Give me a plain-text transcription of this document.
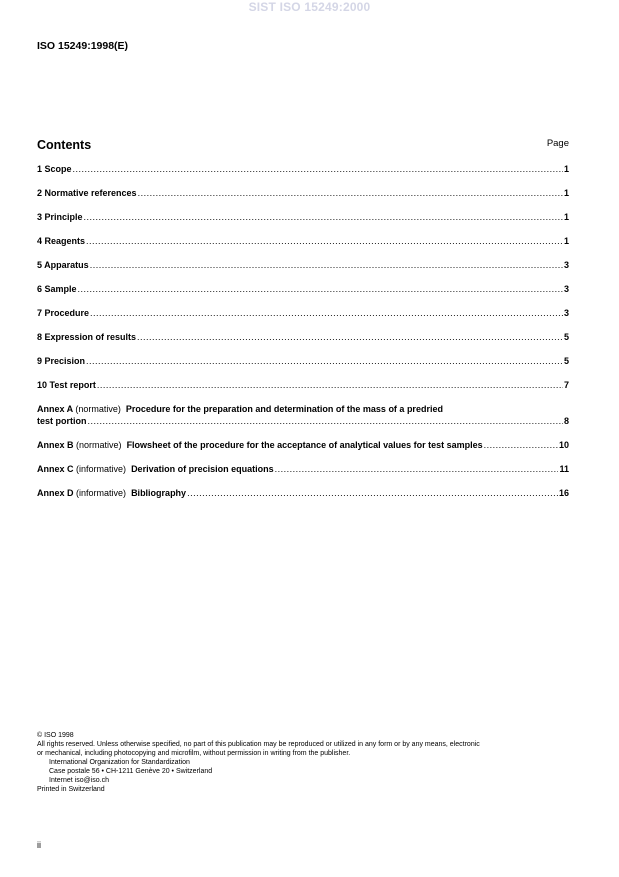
SIST ISO 15249:2000
ISO 15249:1998(E)
Contents	Page
1 Scope .....	1
2 Normative references .....	1
3 Principle .....	1
4 Reagents .....	1
5 Apparatus .....	3
6 Sample .....	3
7 Procedure .....	3
8 Expression of results .....	5
9 Precision .....	5
10 Test report .....	7
Annex A (normative) Procedure for the preparation and determination of the mass of a predried
test portion .....	8
Annex B
(normative)
Flowsheet of the procedure for the acceptance of analytical values for test samples .....	10
Annex C
(informative)
Derivation of precision equations .....	11
Annex D
(informative)
Bibliography .....	16
© ISO 1998
All rights reserved. Unless otherwise specified, no part of this publication may be reproduced or utilized in any form or by any means, electronic
or mechanical, including photocopying and microfilm, without permission in writing from the publisher.
International Organization for Standardization
Case postale 56 • CH-1211 Genève 20 • Switzerland
Internet iso@iso.ch
Printed in Switzerland
ii
